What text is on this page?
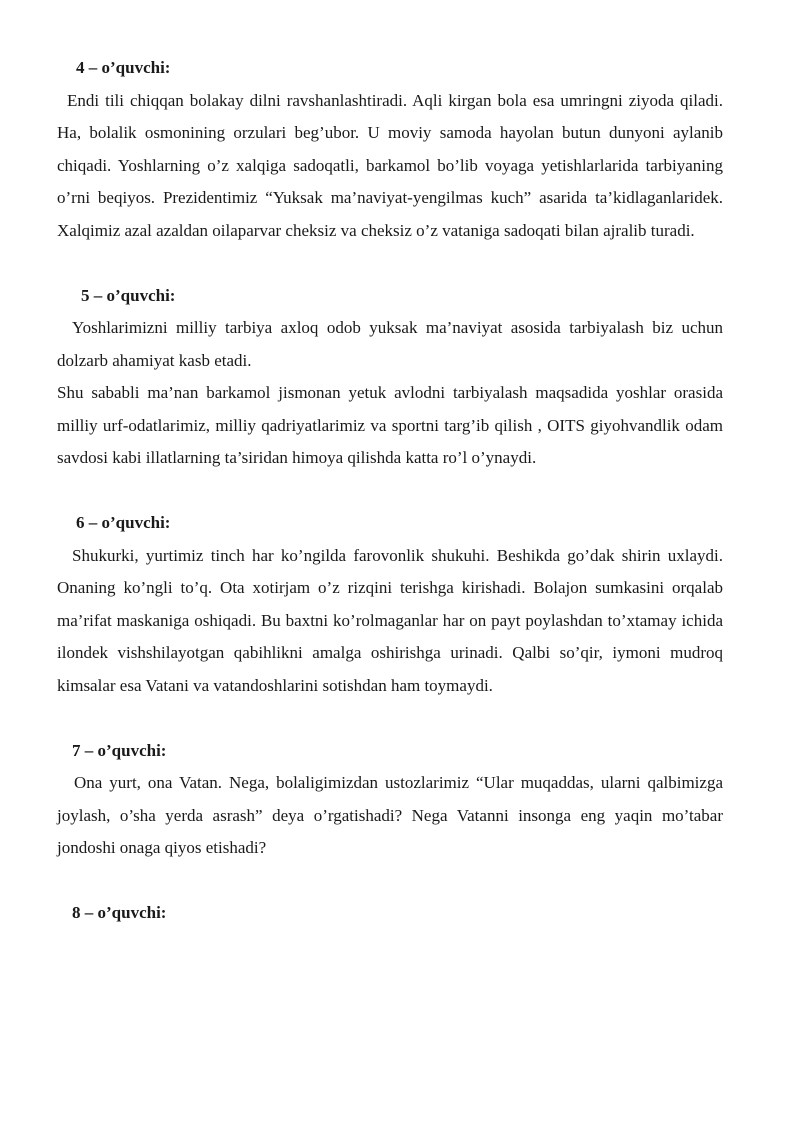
4 – o’quvchi:

Endi tili chiqqan bolakay dilni ravshanlashtiradi. Aqli kirgan bola esa umringni ziyoda qiladi. Ha, bolalik osmonining orzulari beg’ubor. U moviy samoda hayolan butun dunyoni aylanib chiqadi. Yoshlarning o’z xalqiga sadoqatli, barkamol bo’lib voyaga yetishlarlarida tarbiyaning o’rni beqiyos. Prezidentimiz “Yuksak ma’naviyat-yengilmas kuch” asarida ta’kidlaganlaridek. Xalqimiz azal azaldan oilaparvar cheksiz va cheksiz o’z vataniga sadoqati bilan ajralib turadi.

5 – o’quvchi:

Yoshlarimizni milliy tarbiya axloq odob yuksak ma’naviyat asosida tarbiyalash biz uchun dolzarb ahamiyat kasb etadi.

Shu sababli ma’nan barkamol jismonan yetuk avlodni tarbiyalash maqsadida yoshlar orasida milliy urf-odatlarimiz, milliy qadriyatlarimiz va sportni targ’ib qilish , OITS giyohvandlik odam savdosi kabi illatlarning ta’siridan himoya qilishda katta ro’l o’ynaydi.

6 – o’quvchi:

Shukurki, yurtimiz tinch har ko’ngilda farovonlik shukuhi. Beshikda go’dak shirin uxlaydi. Onaning ko’ngli to’q. Ota xotirjam o’z rizqini terishga kirishadi. Bolajon sumkasini orqalab ma’rifat maskaniga oshiqadi. Bu baxtni ko’rolmaganlar har on payt poylashdan to’xtamay ichida ilondek vishshilayotgan qabihlikni amalga oshirishga urinadi. Qalbi so’qir, iymoni mudroq kimsalar esa Vatani va vatandoshlarini sotishdan ham toymaydi.

7 – o’quvchi:

Ona yurt, ona Vatan. Nega, bolaligimizdan ustozlarimiz “Ular muqaddas, ularni qalbimizga joylash, o’sha yerda asrash” deya o’rgatishadi? Nega Vatanni insonga eng yaqin mo’tabar jondoshi onaga qiyos etishadi?

8 – o’quvchi:
